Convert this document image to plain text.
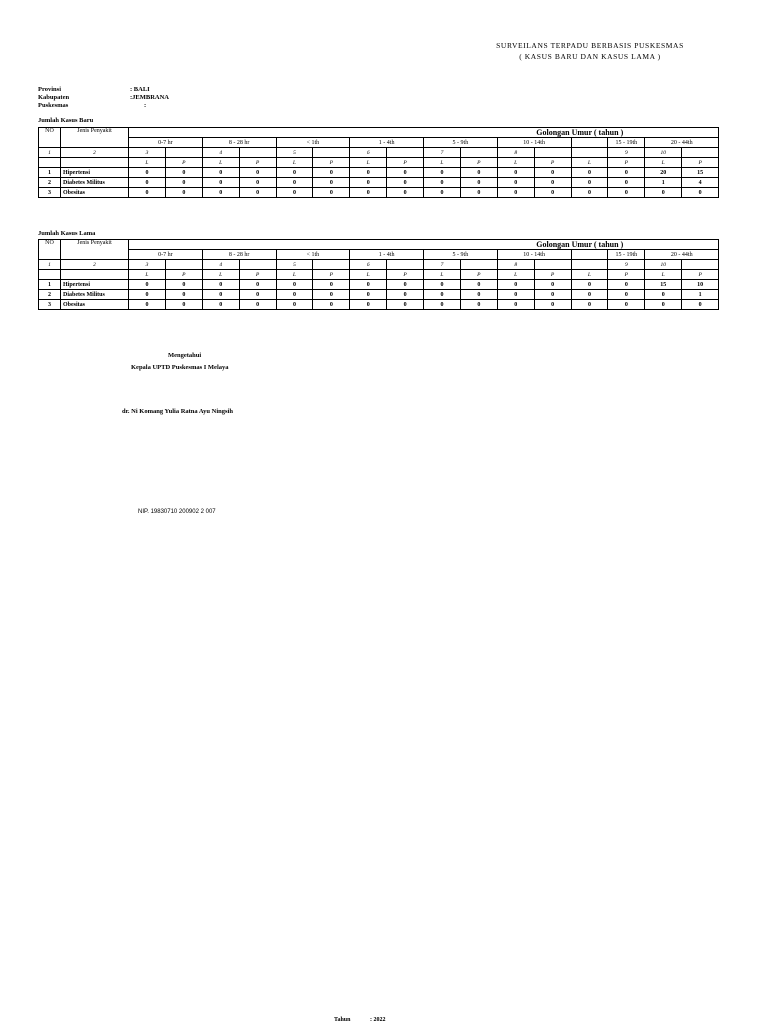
SURVEILANS TERPADU BERBASIS PUSKESMAS
( KASUS BARU DAN KASUS LAMA )
Provinsi	: BALI
Kabupaten	:JEMBRANA
Puskesmas	:
Jumlah Kasus Baru
NO	Jenis Penyakit	Golongan Umur ( tahun )															
		0-7 hr		8 - 28 hr		< 1th		1 - 4th		5 - 9th		10 - 14th			15 - 19th	20 - 44th	
1	2	3		4		5		6		7		8			9	10	
		L	P	L	P	L	P	L	P	L	P	L	P	L	P	L	P
1	Hipertensi	0	0	0	0	0	0	0	0	0	0	0	0	0	0	20	15
2	Diabetes Militus	0	0	0	0	0	0	0	0	0	0	0	0	0	0	1	4
3	Obesitas	0	0	0	0	0	0	0	0	0	0	0	0	0	0	0	0
Jumlah Kasus Lama
NO	Jenis Penyakit	Golongan Umur ( tahun )															
		0-7 hr		8 - 28 hr		< 1th		1 - 4th		5 - 9th		10 - 14th			15 - 19th	20 - 44th	
1	2	3		4		5		6		7		8			9	10	
		L	P	L	P	L	P	L	P	L	P	L	P	L	P	L	P
1	Hipertensi	0	0	0	0	0	0	0	0	0	0	0	0	0	0	15	10
2	Diabetes Militus	0	0	0	0	0	0	0	0	0	0	0	0	0	0	0	1
3	Obesitas	0	0	0	0	0	0	0	0	0	0	0	0	0	0	0	0
Mengetahui
Kepala UPTD Puskesmas I Melaya
dr. Ni Komang Yulia Ratna Ayu Ningsih
NIP. 19830710 200902 2 007
Tahun	: 2022
